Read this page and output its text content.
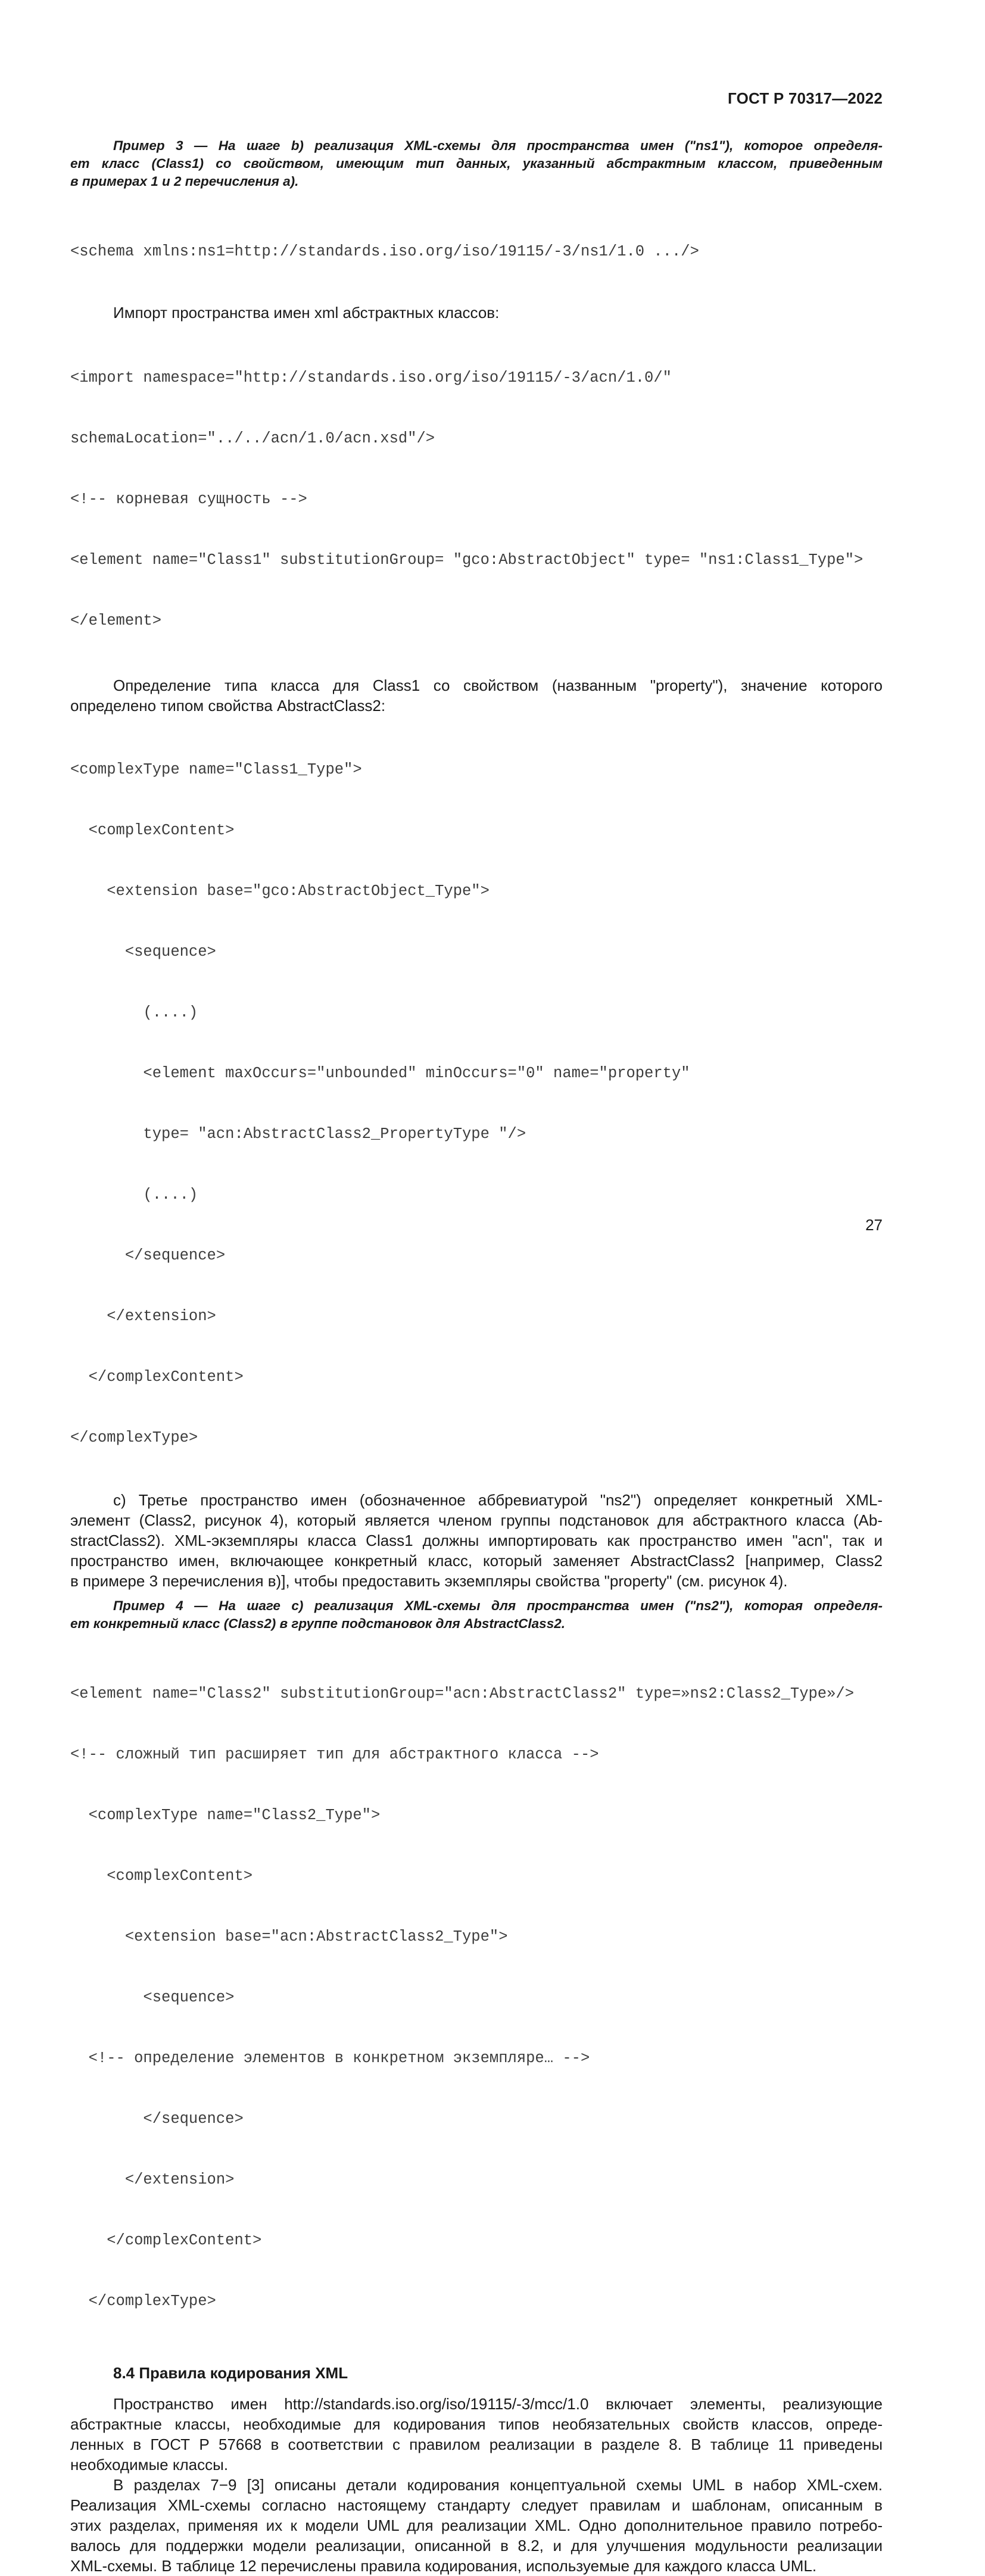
ГОСТ Р 70317—2022
Пример 3 — На шаге b) реализация XML-схемы для пространства имен ("ns1"), которое определя-
ет класс (Class1) со свойством, имеющим тип данных, указанный абстрактным классом, приведенным
в примерах 1 и 2 перечисления a).

<schema xmlns:ns1=http://standards.iso.org/iso/19115/-3/ns1/1.0 .../>

Импорт пространства имен xml абстрактных классов:

<import namespace="http://standards.iso.org/iso/19115/-3/acn/1.0/"

schemaLocation="../../acn/1.0/acn.xsd"/>

<!-- корневая сущность -->

<element name="Class1" substitutionGroup= "gco:AbstractObject" type= "ns1:Class1_Type">

</element>

Определение типа класса для Class1 со свойством (названным "property"), значение которого
определено типом свойства AbstractClass2:

<complexType name="Class1_Type">

<complexContent>

<extension base="gco:AbstractObject_Type">

<sequence>

(....)

<element maxOccurs="unbounded" minOccurs="0" name="property"

type= "acn:AbstractClass2_PropertyType "/>

(....)

</sequence>

</extension>

</complexContent>

</complexType>

c) Третье пространство имен (обозначенное аббревиатурой "ns2") определяет конкретный XML-
элемент (Class2, рисунок 4), который является членом группы подстановок для абстрактного класса (Ab-
stractClass2). XML-экземпляры класса Class1 должны импортировать как пространство имен "acn", так и
пространство имен, включающее конкретный класс, который заменяет AbstractClass2 [например, Class2
в примере 3 перечисления в)], чтобы предоставить экземпляры свойства "property" (см. рисунок 4).
Пример 4 — На шаге c) реализация XML-схемы для пространства имен ("ns2"), которая определя-
ет конкретный класс (Class2) в группе подстановок для AbstractClass2.

<element name="Class2" substitutionGroup="acn:AbstractClass2" type=»ns2:Class2_Type»/>

<!-- сложный тип расширяет тип для абстрактного класса -->

<complexType name="Class2_Type">

<complexContent>

<extension base="acn:AbstractClass2_Type">

<sequence>

<!-- определение элементов в конкретном экземпляре… -->

</sequence>

</extension>

</complexContent>

</complexType>

8.4 Правила кодирования XML
Пространство имен http://standards.iso.org/iso/19115/-3/mcc/1.0 включает элементы, реализующие
абстрактные классы, необходимые для кодирования типов необязательных свойств классов, опреде-
ленных в ГОСТ Р 57668 в соответствии с правилом реализации в разделе 8. В таблице 11 приведены
необходимые классы.
В разделах 7−9 [3] описаны детали кодирования концептуальной схемы UML в набор XML-схем.
Реализация XML-схемы согласно настоящему стандарту следует правилам и шаблонам, описанным в
этих разделах, применяя их к модели UML для реализации XML. Одно дополнительное правило потребо-
валось для поддержки модели реализации, описанной в 8.2, и для улучшения модульности реализации
XML-схемы. В таблице 12 перечислены правила кодирования, используемые для каждого класса UML.
27
